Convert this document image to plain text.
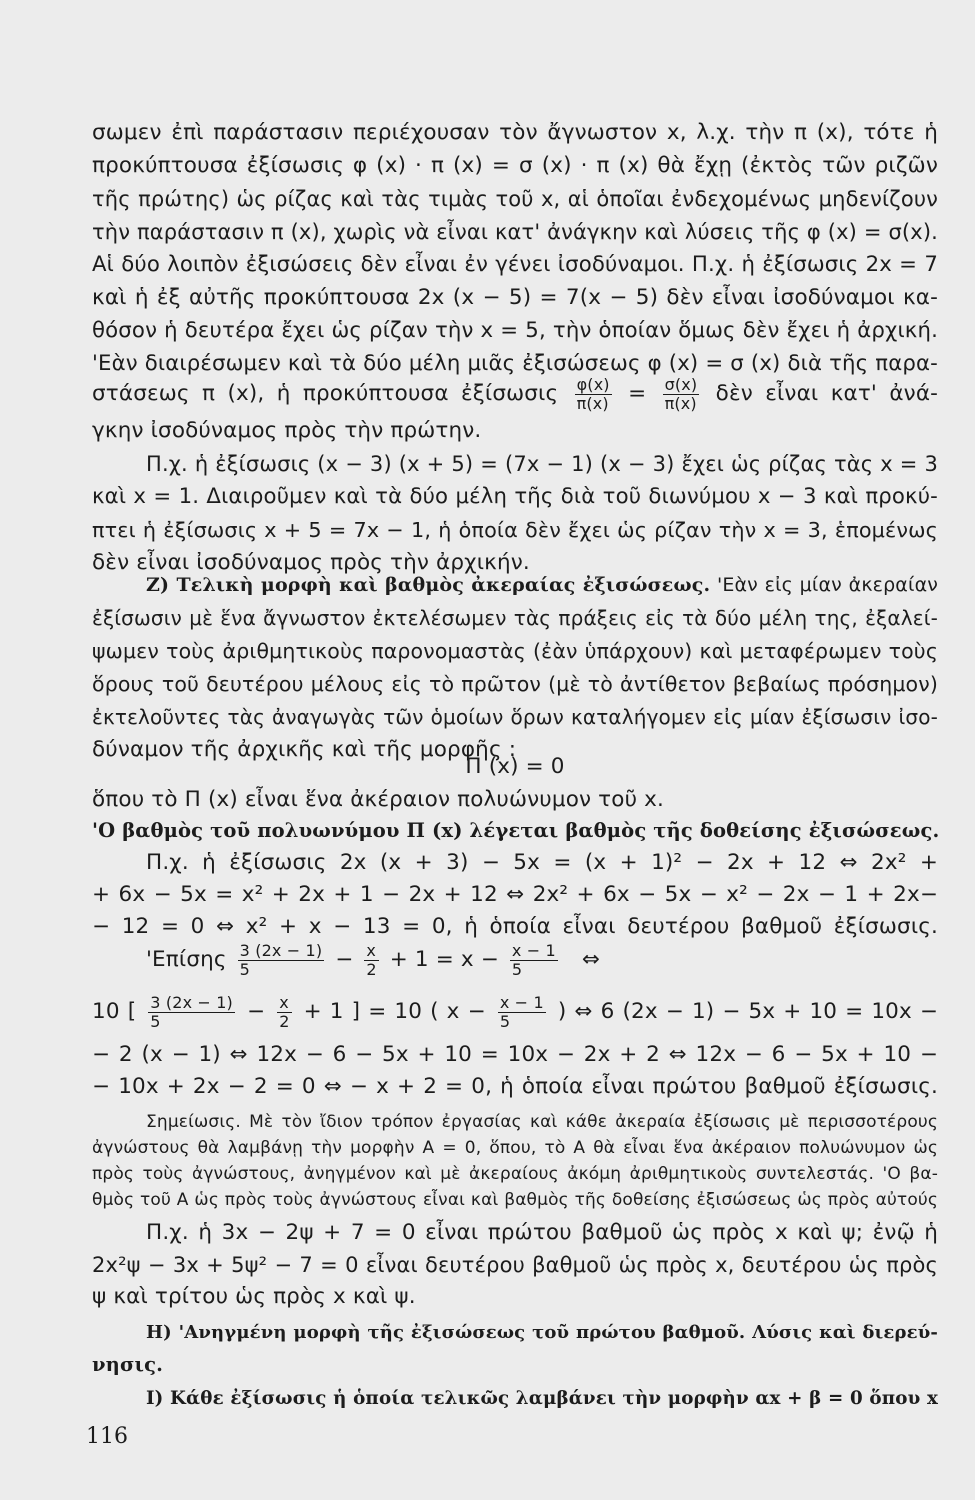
σωμεν ἐπὶ παράστασιν περιέχουσαν τὸν ἄγνωστον x, λ.χ. τὴν π (x), τότε ἡ
προκύπτουσα ἐξίσωσις φ (x) · π (x) = σ (x) · π (x) θὰ ἔχῃ (ἐκτὸς τῶν ριζῶν
τῆς πρώτης) ὡς ρίζας καὶ τὰς τιμὰς τοῦ x, αἱ ὁποῖαι ἐνδεχομένως μηδενίζουν
τὴν παράστασιν π (x), χωρὶς νὰ εἶναι κατ' ἀνάγκην καὶ λύσεις τῆς φ (x) = σ(x).
Αἱ δύο λοιπὸν ἐξισώσεις δὲν εἶναι ἐν γένει ἰσοδύναμοι. Π.χ. ἡ ἐξίσωσις 2x = 7
καὶ ἡ ἐξ αὐτῆς προκύπτουσα 2x (x − 5) = 7(x − 5) δὲν εἶναι ἰσοδύναμοι κα-
θόσον ἡ δευτέρα ἔχει ὡς ρίζαν τὴν x = 5, τὴν ὁποίαν ὅμως δὲν ἔχει ἡ ἀρχική.
'Εὰν διαιρέσωμεν καὶ τὰ δύο μέλη μιᾶς ἐξισώσεως φ (x) = σ (x) διὰ τῆς παρα-
στάσεως π (x), ἡ προκύπτουσα ἐξίσωσις $\frac{\varphi(x)}{\pi(x)} = \frac{\sigma(x)}{\pi(x)}$ δὲν εἶναι κατ' ἀνά-
γκην ἰσοδύναμος πρὸς τὴν πρώτην.
Π.χ. ἡ ἐξίσωσις (x − 3) (x + 5) = (7x − 1) (x − 3) ἔχει ὡς ρίζας τὰς x = 3
καὶ x = 1. Διαιροῦμεν καὶ τὰ δύο μέλη τῆς διὰ τοῦ διωνύμου x − 3 καὶ προκύ-
πτει ἡ ἐξίσωσις x + 5 = 7x − 1, ἡ ὁποία δὲν ἔχει ὡς ρίζαν τὴν x = 3, ἑπομένως
δὲν εἶναι ἰσοδύναμος πρὸς τὴν ἀρχικήν.
Ζ) Τελικὴ μορφὴ καὶ βαθμὸς ἀκεραίας ἐξισώσεως. 'Εὰν εἰς μίαν ἀκεραίαν
ἐξίσωσιν μὲ ἕνα ἄγνωστον ἐκτελέσωμεν τὰς πράξεις εἰς τὰ δύο μέλη της, ἐξαλεί-
ψωμεν τοὺς ἀριθμητικοὺς παρονομαστὰς (ἐὰν ὑπάρχουν) καὶ μεταφέρωμεν τοὺς
ὅρους τοῦ δευτέρου μέλους εἰς τὸ πρῶτον (μὲ τὸ ἀντίθετον βεβαίως πρόσημον)
ἐκτελοῦντες τὰς ἀναγωγὰς τῶν ὁμοίων ὅρων καταλήγομεν εἰς μίαν ἐξίσωσιν ἰσο-
δύναμον τῆς ἀρχικῆς καὶ τῆς μορφῆς :
Π (x) = 0
ὅπου τὸ Π (x) εἶναι ἕνα ἀκέραιον πολυώνυμον τοῦ x.
'Ο βαθμὸς τοῦ πολυωνύμου Π (x) λέγεται βαθμὸς τῆς δοθείσης ἐξισώσεως.
Π.χ. ἡ ἐξίσωσις 2x (x + 3) − 5x = (x + 1)² − 2x + 12 ⇔ 2x² +
+ 6x − 5x = x² + 2x + 1 − 2x + 12 ⇔ 2x² + 6x − 5x − x² − 2x − 1 + 2x−
− 12 = 0 ⇔ x² + x − 13 = 0, ἡ ὁποία εἶναι δευτέρου βαθμοῦ ἐξίσωσις.
'$E\pi ί\sigma\eta\varsigma \frac{3 (2x - 1)}{5} - \frac{x}{2} + 1 = x - \frac{x - 1}{5}$ ⇔
10 [ $\frac{3 (2x - 1)}{5} - \frac{x}{2} + 1$ ] = 10 ( $x - \frac{x - 1}{5}$ ) ⇔ 6 (2x − 1) − 5x + 10 = 10x −
− 2 (x − 1) ⇔ 12x − 6 − 5x + 10 = 10x − 2x + 2 ⇔ 12x − 6 − 5x + 10 −
− 10x + 2x − 2 = 0 ⇔ − x + 2 = 0, ἡ ὁποία εἶναι πρώτου βαθμοῦ ἐξίσωσις.
Σημείωσις. Μὲ τὸν ἴδιον τρόπον ἐργασίας καὶ κάθε ἀκεραία ἐξίσωσις μὲ περισσοτέρους
ἀγνώστους θὰ λαμβάνῃ τὴν μορφὴν Α = 0, ὅπου, τὸ Α θὰ εἶναι ἕνα ἀκέραιον πολυώνυμον ὡς
πρὸς τοὺς ἀγνώστους, ἀνηγμένον καὶ μὲ ἀκεραίους ἀκόμη ἀριθμητικοὺς συντελεστάς. 'Ο βα-
θμὸς τοῦ Α ὡς πρὸς τοὺς ἀγνώστους εἶναι καὶ βαθμὸς τῆς δοθείσης ἐξισώσεως ὡς πρὸς αὐτούς
Π.χ. ἡ 3x − 2ψ + 7 = 0 εἶναι πρώτου βαθμοῦ ὡς πρὸς x καὶ ψ; ἐνῷ ἡ
2x²ψ − 3x + 5ψ² − 7 = 0 εἶναι δευτέρου βαθμοῦ ὡς πρὸς x, δευτέρου ὡς πρὸς
ψ καὶ τρίτου ὡς πρὸς x καὶ ψ.
Η) 'Ανηγμένη μορφὴ τῆς ἐξισώσεως τοῦ πρώτου βαθμοῦ. Λύσις καὶ διερεύ-
νησις.
Ι) Κάθε ἐξίσωσις ἡ ὁποία τελικῶς λαμβάνει τὴν μορφὴν αx + β = 0 ὅπου x
116
